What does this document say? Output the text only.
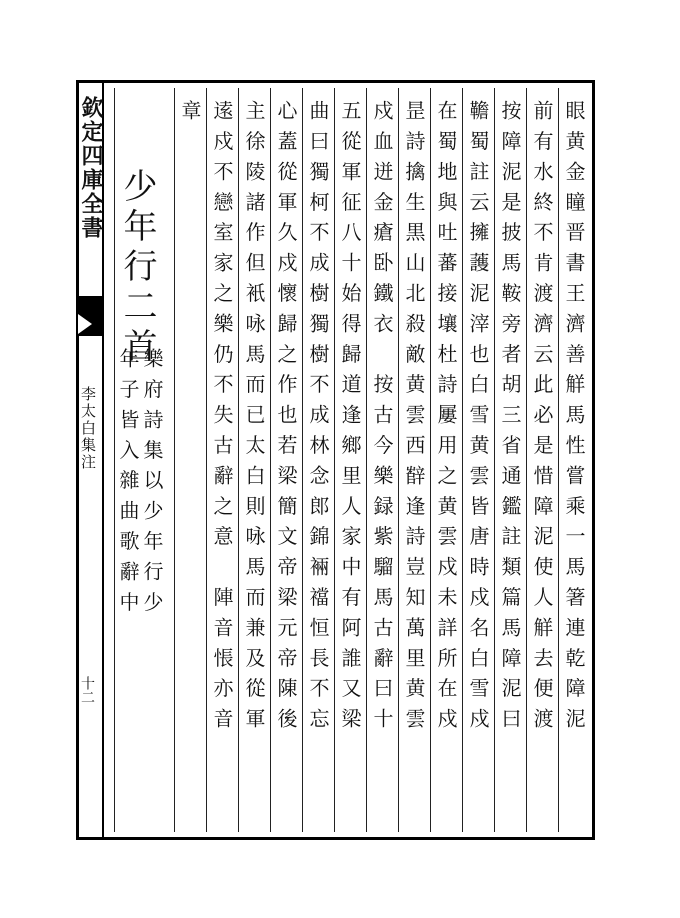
欽定四庫全書
李太白集注
十二	眼黄金瞳晋書王濟善觧馬性嘗乘一馬箸連乾障泥
前有水終不肯渡濟云此必是惜障泥使人觧去便渡
按障泥是披馬鞍旁者胡三省通鑑註類篇馬障泥曰
韂蜀註云擁䕶泥滓也白雪黄雲皆唐時戍名白雪戍
在蜀地與吐蕃接壤杜詩屢用之黄雲戍未詳所在戍
昰詩擒生黒山北殺敵黄雲西辥逢詩豈知萬里黄雲
戍血迸金瘡卧鐵衣　按古今樂録紫騮馬古辭曰十
五從軍征八十始得歸道逢鄉里人家中有阿誰又梁
曲曰獨柯不成樹獨樹不成林念郎錦裲襠恒長不忘
心蓋從軍久戍懷歸之作也若梁簡文帝梁元帝陳後
主徐陵諸作但衹咏馬而已太白則咏馬而兼及從軍
逺戍不戀室家之樂仍不失古辭之意　陣音悵亦音
章
少年行二首
樂府詩集以少年行少
年子皆入雜曲歌辭中
